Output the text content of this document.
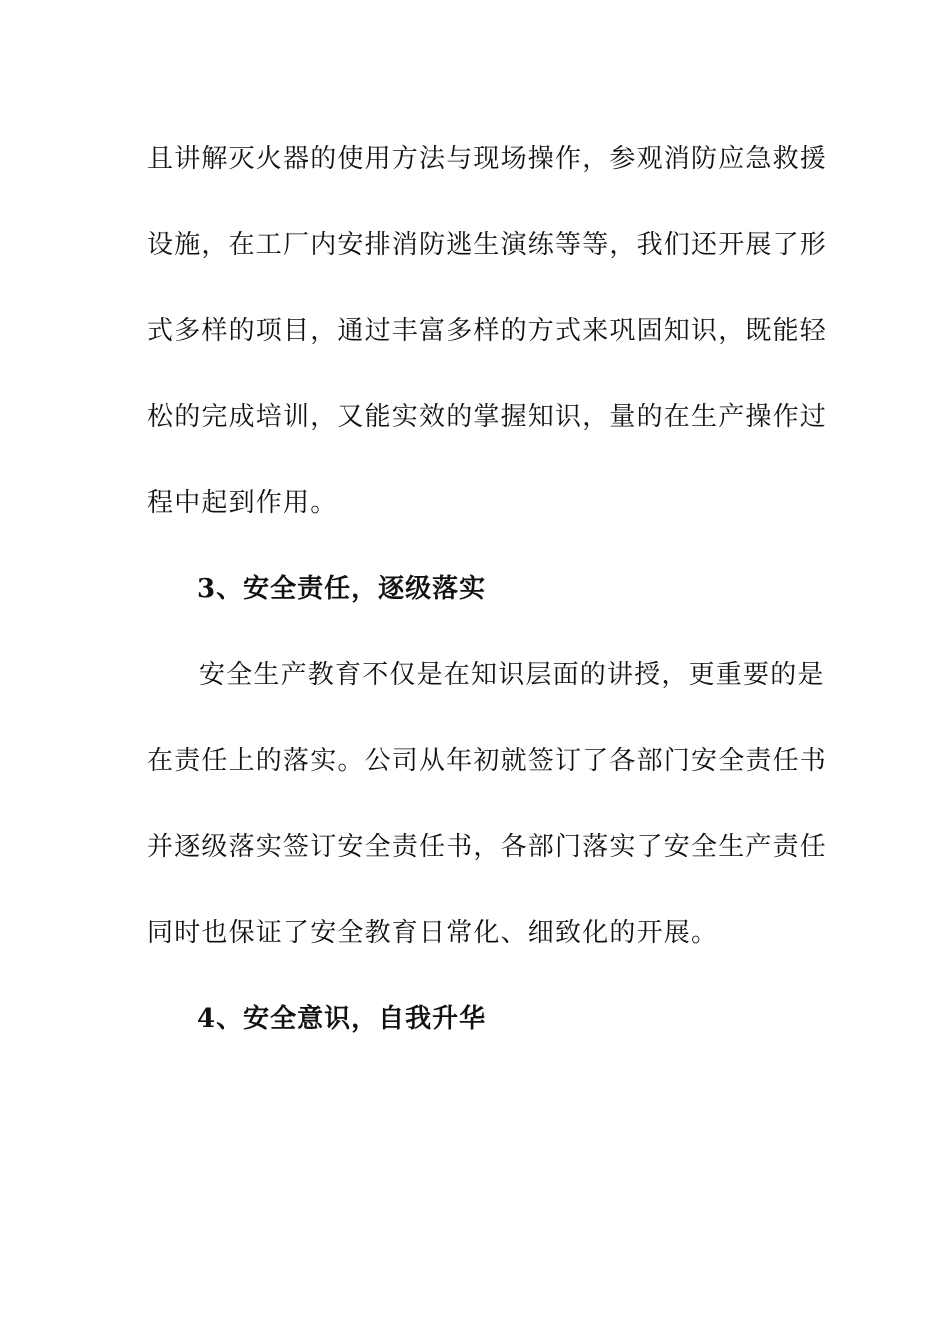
且讲解灭火器的使用方法与现场操作，参观消防应急救援
设施，在工厂内安排消防逃生演练等等，我们还开展了形
式多样的项目，通过丰富多样的方式来巩固知识，既能轻
松的完成培训，又能实效的掌握知识，量的在生产操作过
程中起到作用。
3、安全责任，逐级落实
安全生产教育不仅是在知识层面的讲授，更重要的是
在责任上的落实。公司从年初就签订了各部门安全责任书
并逐级落实签订安全责任书，各部门落实了安全生产责任
同时也保证了安全教育日常化、细致化的开展。
4、安全意识，自我升华
